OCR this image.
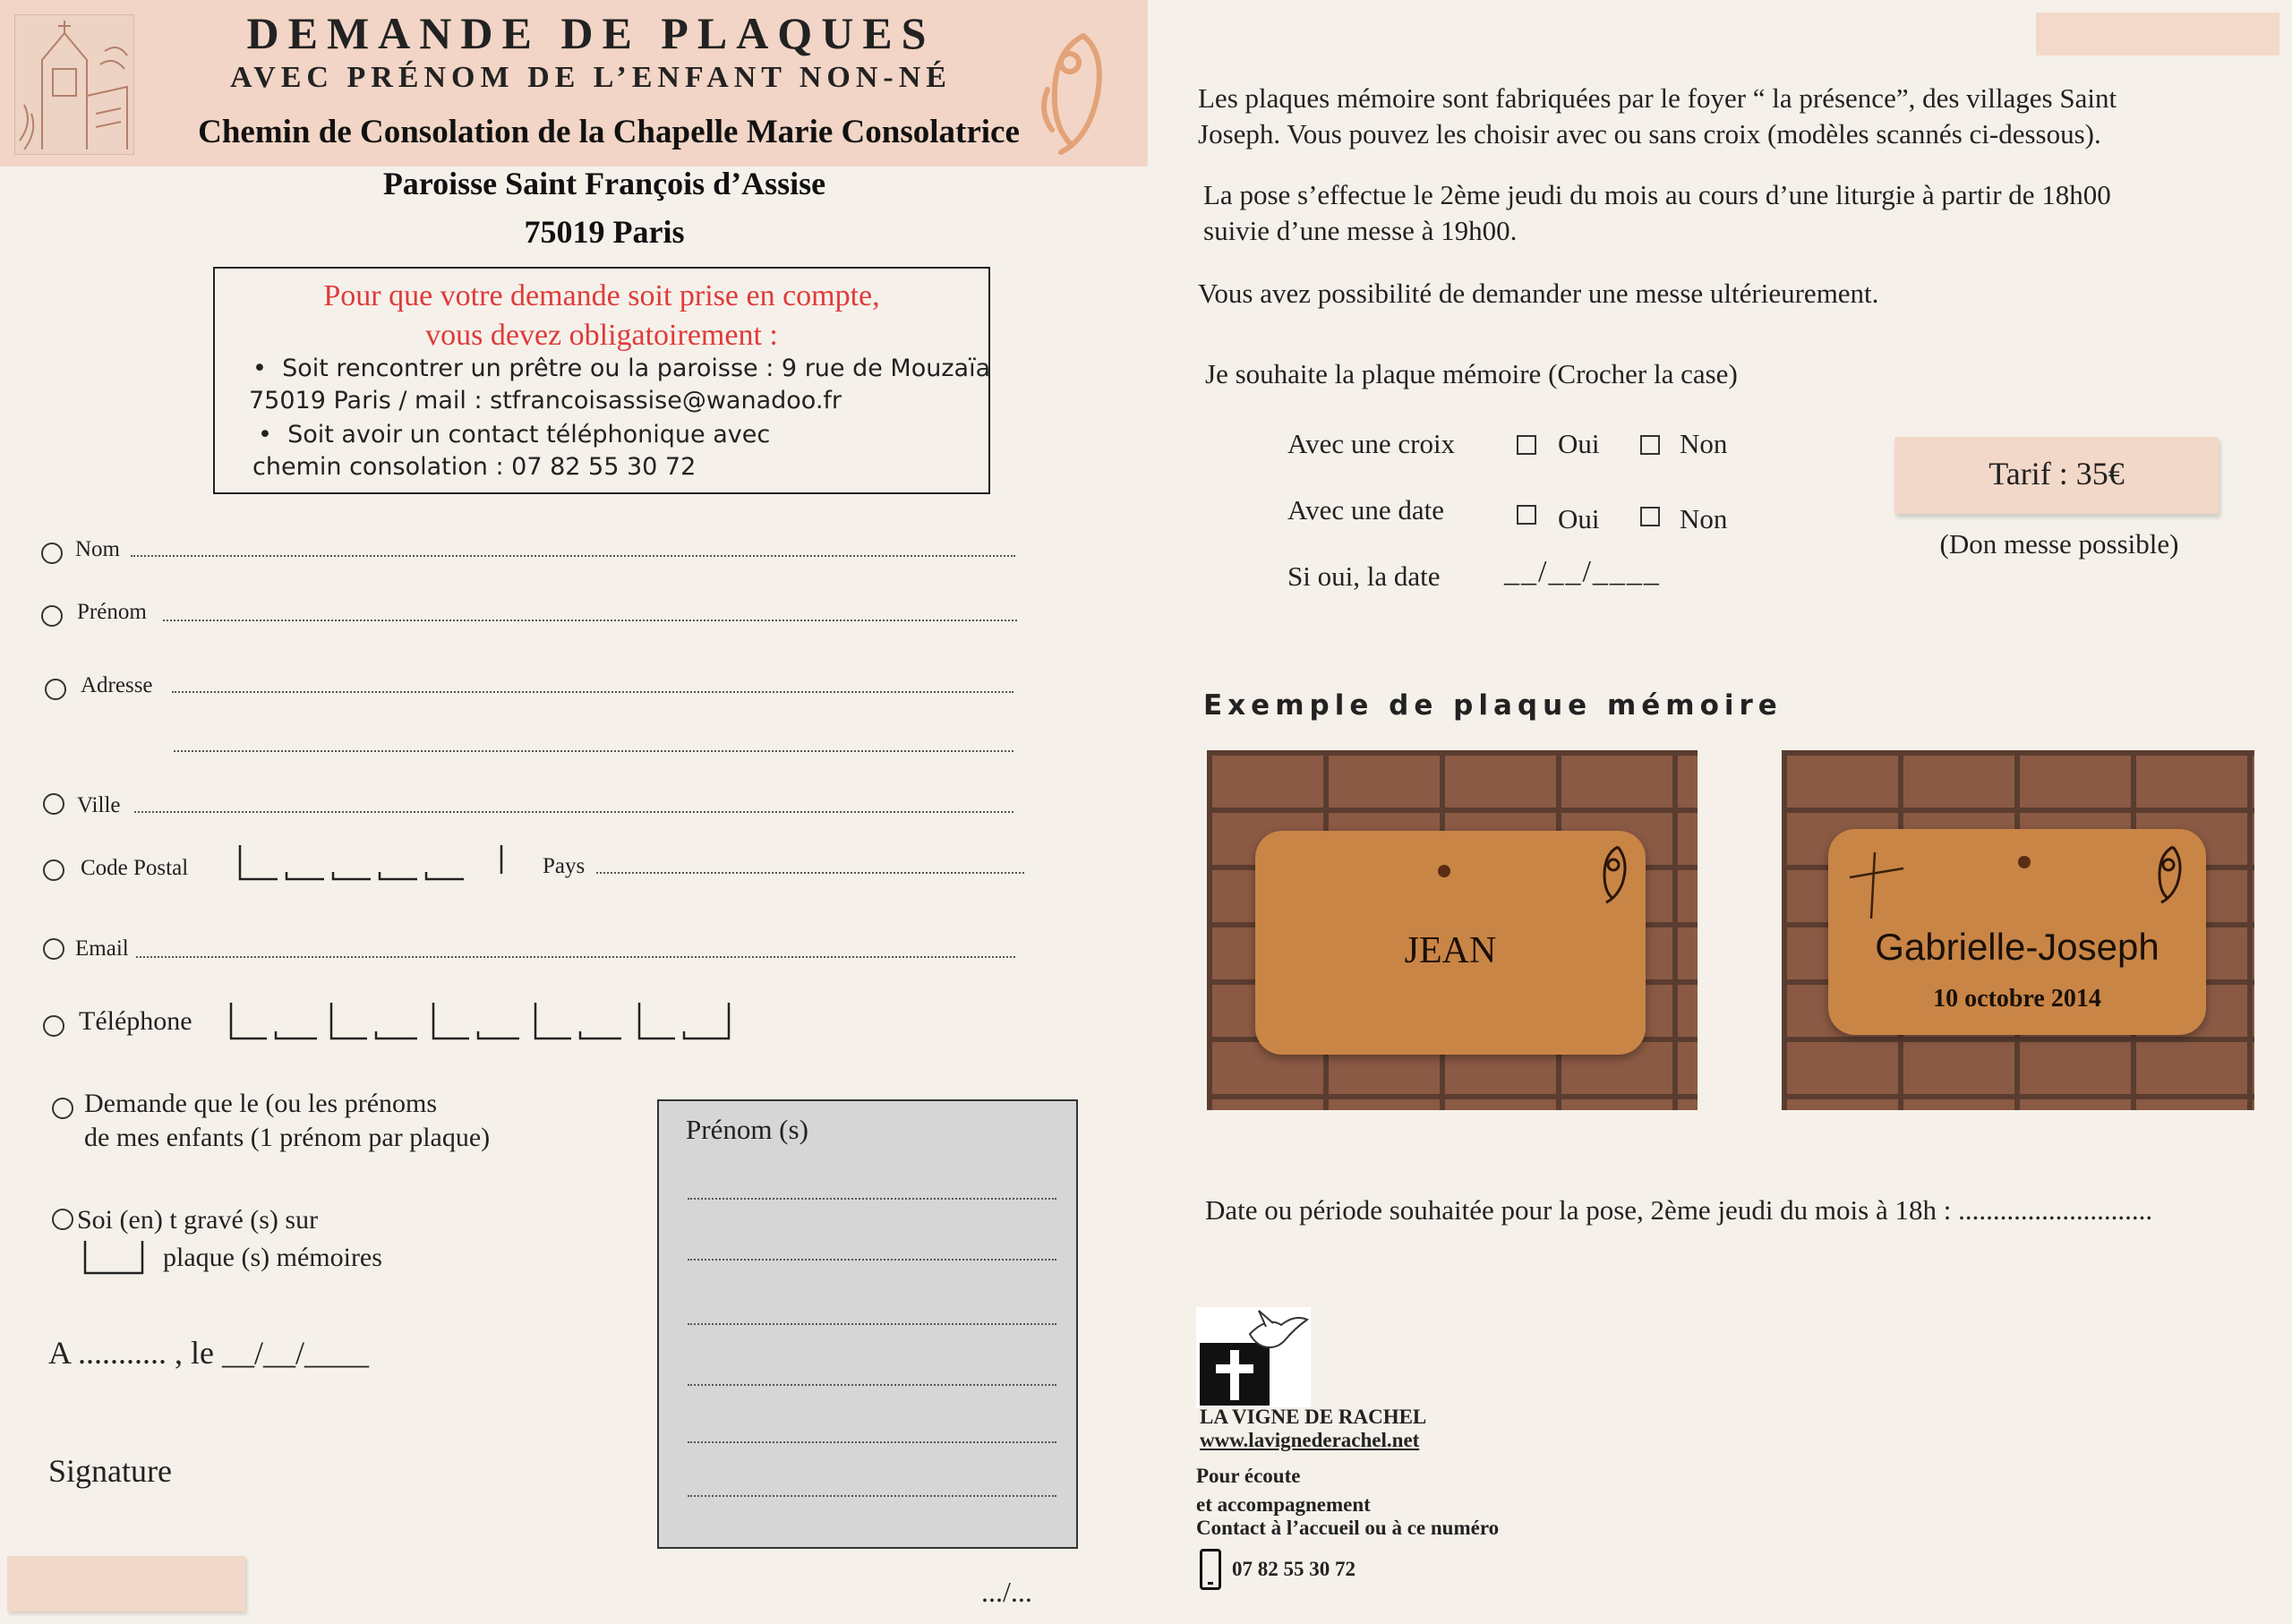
DEMANDE DE PLAQUES
AVEC PRÉNOM DE L’ENFANT NON-NÉ
Chemin de Consolation de la Chapelle Marie Consolatrice
Paroisse Saint François d’Assise
75019 Paris
Pour que votre demande soit prise en compte,
vous devez obligatoirement :
•  Soit rencontrer un prêtre ou la paroisse : 9 rue de Mouzaïa
75019 Paris / mail : stfrancoisassise@wanadoo.fr
•  Soit avoir un contact téléphonique avec
chemin consolation : 07 82 55 30 72
Nom
Prénom
Adresse
Ville
Code Postal	Pays
Email
Téléphone
Demande que le (ou les prénoms
de mes enfants (1 prénom par plaque)
Soi (en) t gravé (s) sur
plaque (s) mémoires
A ........... , le __/__/____
Signature
Prénom (s)
.../...
Les plaques mémoire sont fabriquées par le foyer “ la présence”, des villages Saint
Joseph. Vous pouvez les choisir avec ou sans croix (modèles scannés ci-dessous).
La pose s’effectue le 2ème jeudi du mois au cours d’une liturgie à partir de 18h00
suivie d’une messe à 19h00.
Vous avez possibilité de demander une messe ultérieurement.
Je souhaite la plaque mémoire (Crocher la case)
Avec une croix	Oui	Non
Avec une date	Oui	Non
Si oui, la date __/__/____
Tarif : 35€
(Don messe possible)
Exemple de plaque mémoire
JEAN	Gabrielle-Joseph
10 octobre 2014
Date ou période souhaitée pour la pose, 2ème jeudi du mois à 18h : ............................
LA VIGNE DE RACHEL
www.lavignederachel.net
Pour écoute
et accompagnement
Contact à l’accueil ou à ce numéro
07 82 55 30 72
